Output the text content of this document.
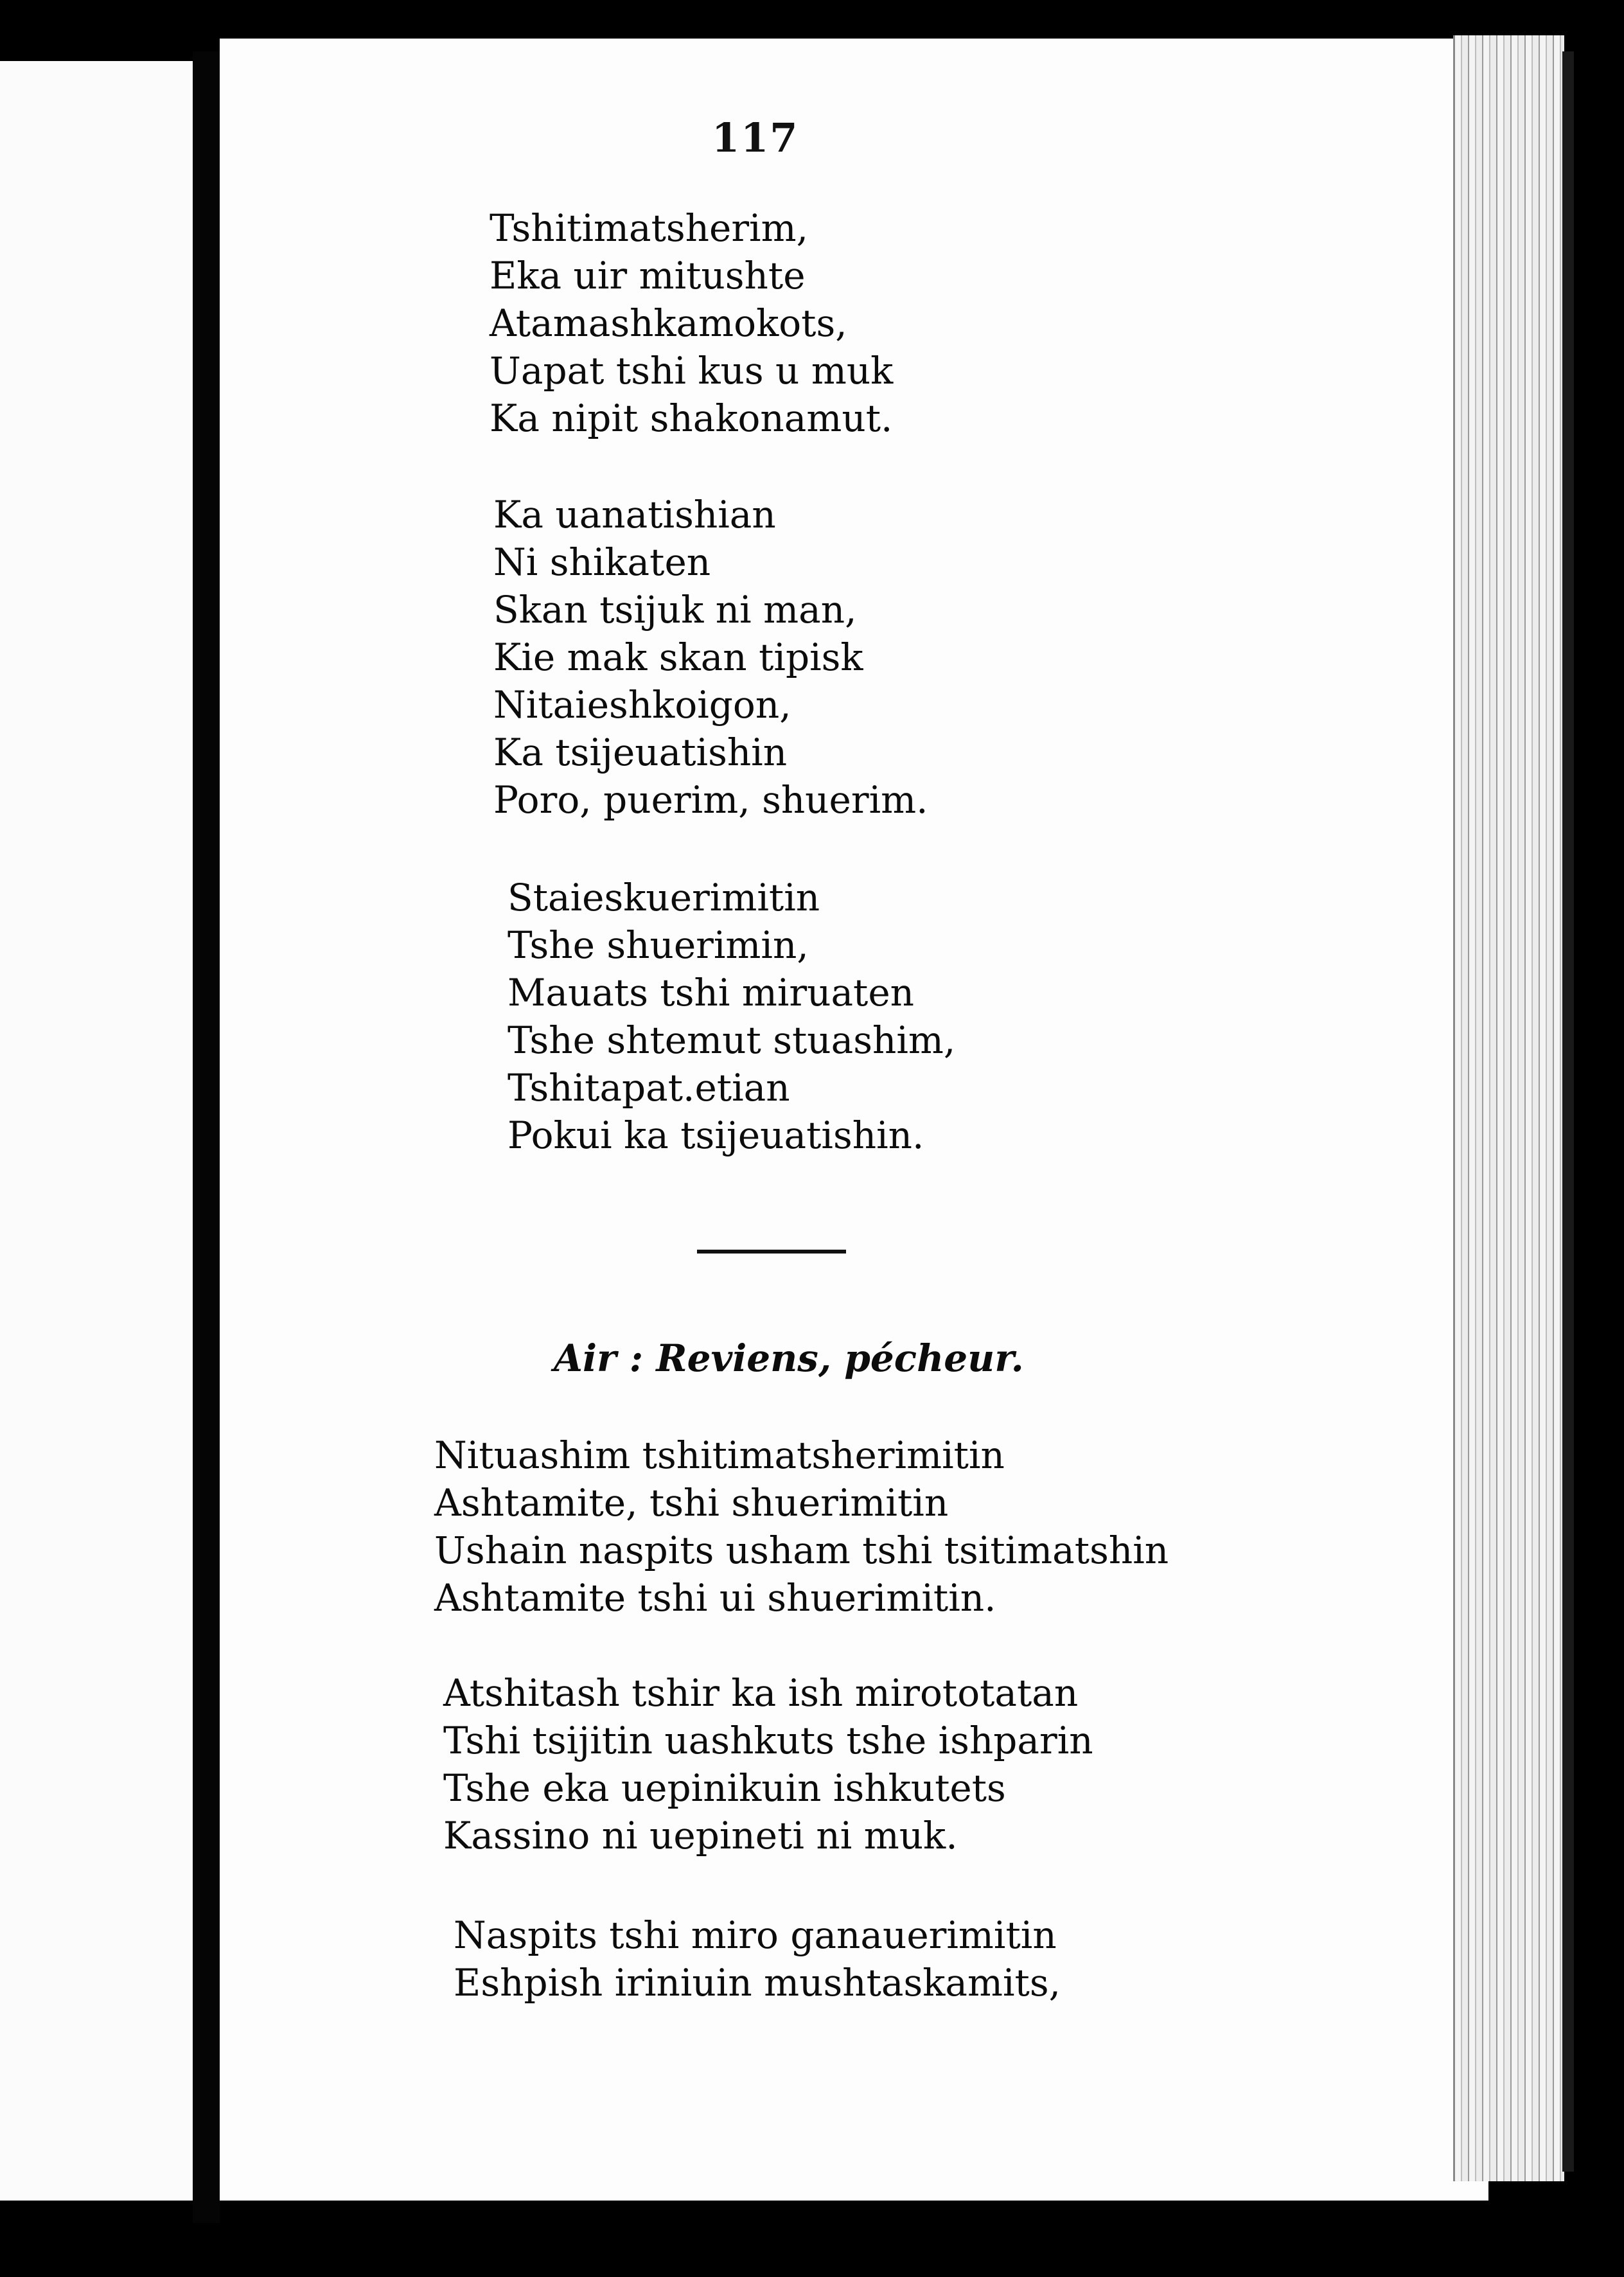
117
Tshitimatsherim,
Eka uir mitushte
Atamashkamokots,
Uapat tshi kus u muk
Ka nipit shakonamut.
Ka uanatishian
Ni shikaten
Skan tsijuk ni man,
Kie mak skan tipisk
Nitaieshkoigon,
Ka tsijeuatishin
Poro, puerim, shuerim.
Staieskuerimitin
Tshe shuerimin,
Mauats tshi miruaten
Tshe shtemut stuashim,
Tshitapat.etian
Pokui ka tsijeuatishin.
Air : Reviens, pécheur.
Nituashim tshitimatsherimitin
Ashtamite, tshi shuerimitin
Ushain naspits usham tshi tsitimatshin
Ashtamite tshi ui shuerimitin.
Atshitash tshir ka ish mirototatan
Tshi tsijitin uashkuts tshe ishparin
Tshe eka uepinikuin ishkutets
Kassino ni uepineti ni muk.
Naspits tshi miro ganauerimitin
Eshpish iriniuin mushtaskamits,
